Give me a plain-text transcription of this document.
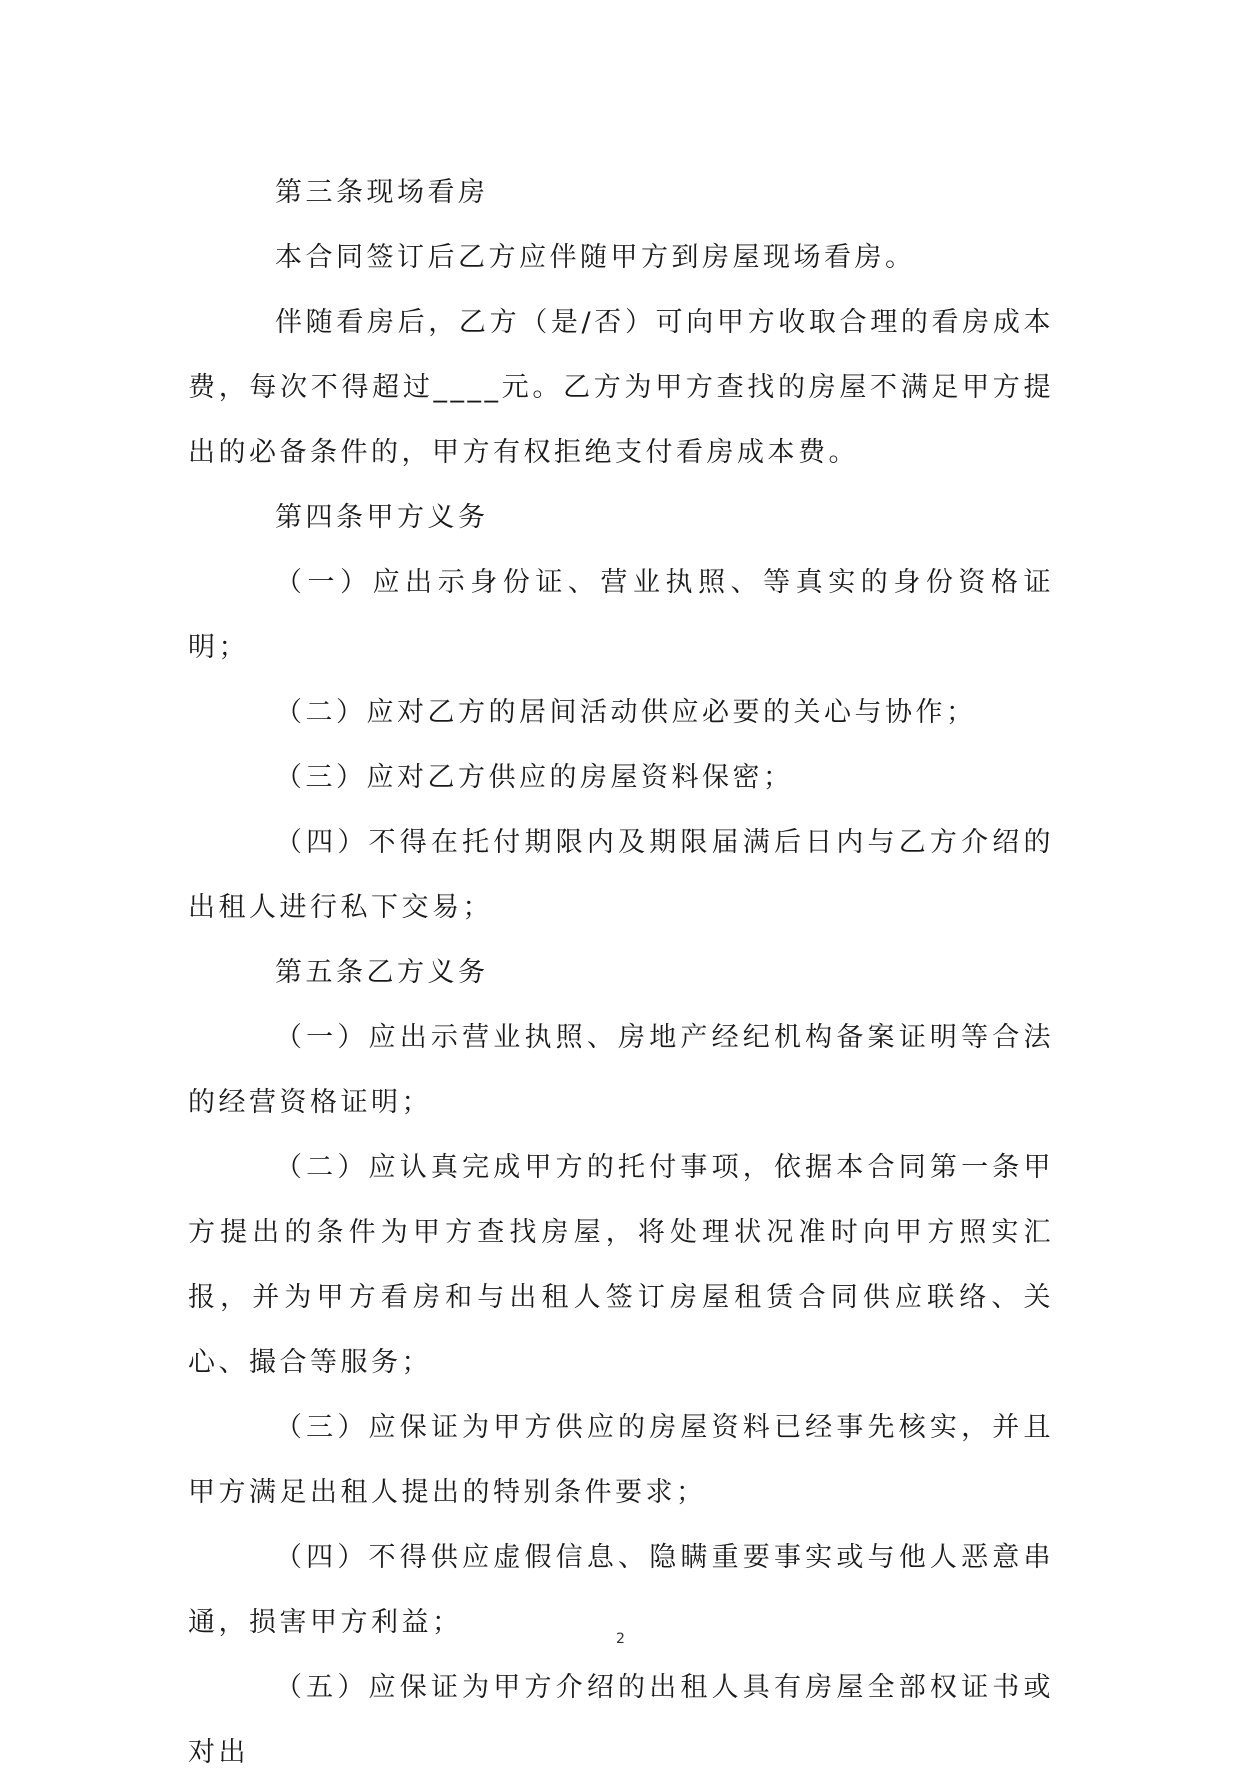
第三条现场看房

本合同签订后乙方应伴随甲方到房屋现场看房。

伴随看房后，乙方（是/否）可向甲方收取合理的看房成本费，每次不得超过____元。乙方为甲方查找的房屋不满足甲方提出的必备条件的，甲方有权拒绝支付看房成本费。

第四条甲方义务

（一）应出示身份证、营业执照、等真实的身份资格证明；

（二）应对乙方的居间活动供应必要的关心与协作；

（三）应对乙方供应的房屋资料保密；

（四）不得在托付期限内及期限届满后日内与乙方介绍的出租人进行私下交易；

第五条乙方义务

（一）应出示营业执照、房地产经纪机构备案证明等合法的经营资格证明；

（二）应认真完成甲方的托付事项，依据本合同第一条甲方提出的条件为甲方查找房屋，将处理状况准时向甲方照实汇报，并为甲方看房和与出租人签订房屋租赁合同供应联络、关心、撮合等服务；

（三）应保证为甲方供应的房屋资料已经事先核实，并且甲方满足出租人提出的特别条件要求；

（四）不得供应虚假信息、隐瞒重要事实或与他人恶意串通，损害甲方利益；

（五）应保证为甲方介绍的出租人具有房屋全部权证书或对出

2
